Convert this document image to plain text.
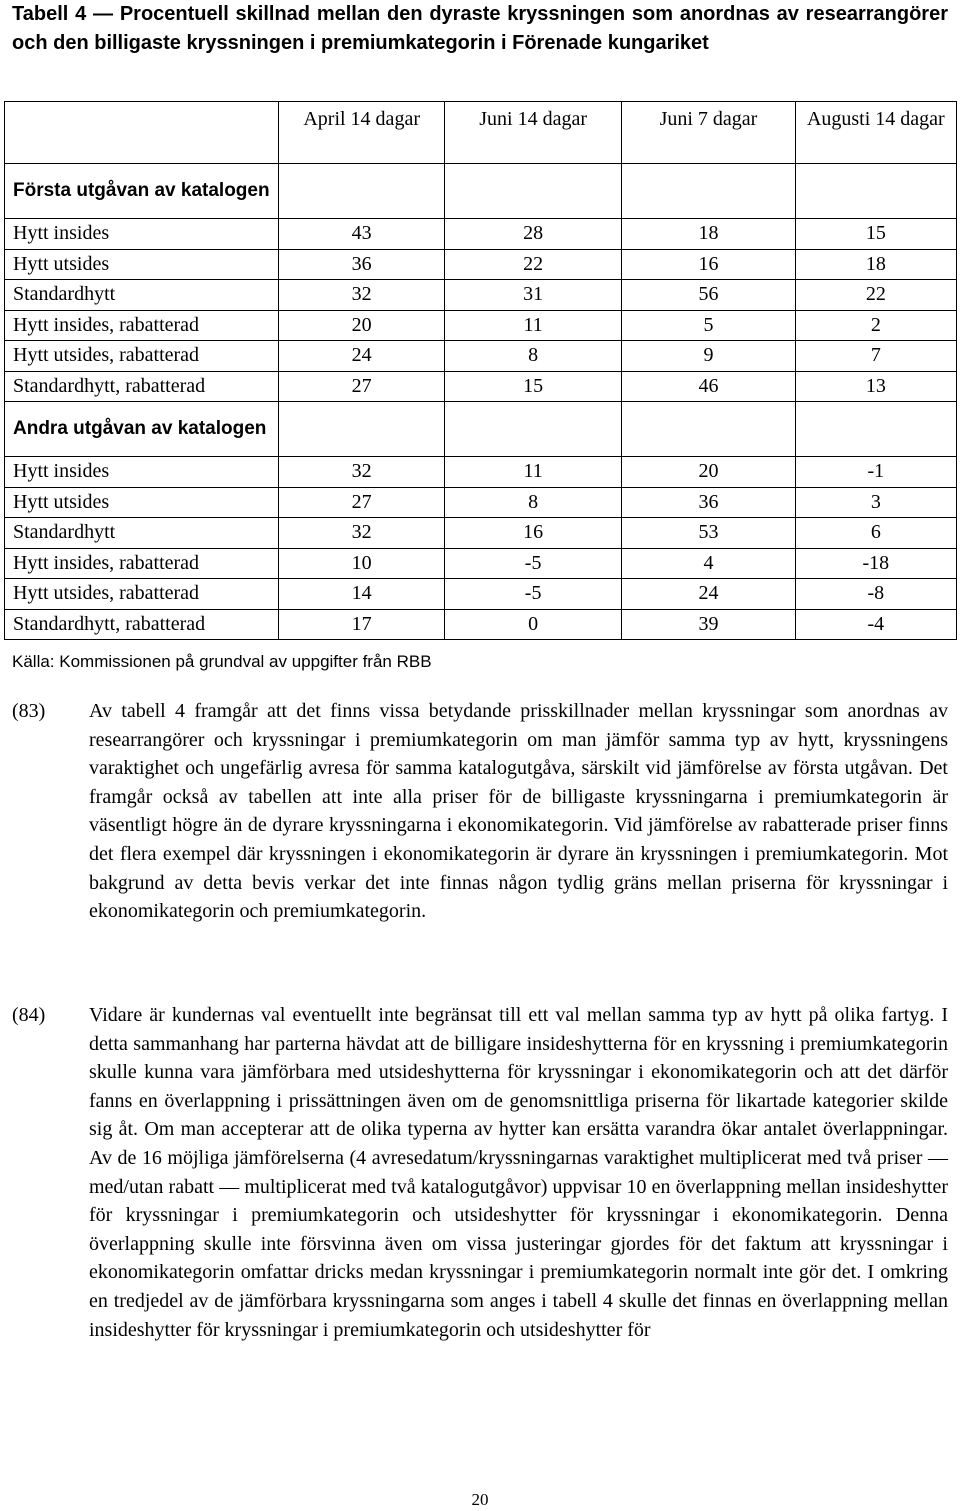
Tabell 4 — Procentuell skillnad mellan den dyraste kryssningen som anordnas av researrangörer och den billigaste kryssningen i premiumkategorin i Förenade kungariket
	April 14 dagar	Juni 14 dagar	Juni 7 dagar	Augusti 14 dagar
Första utgåvan av katalogen				
Hytt insides	43	28	18	15
Hytt utsides	36	22	16	18
Standardhytt	32	31	56	22
Hytt insides, rabatterad	20	11	5	2
Hytt utsides, rabatterad	24	8	9	7
Standardhytt, rabatterad	27	15	46	13
Andra utgåvan av katalogen				
Hytt insides	32	11	20	-1
Hytt utsides	27	8	36	3
Standardhytt	32	16	53	6
Hytt insides, rabatterad	10	-5	4	-18
Hytt utsides, rabatterad	14	-5	24	-8
Standardhytt, rabatterad	17	0	39	-4
Källa: Kommissionen på grundval av uppgifter från RBB
(83) Av tabell 4 framgår att det finns vissa betydande prisskillnader mellan kryssningar som anordnas av researrangörer och kryssningar i premiumkategorin om man jämför samma typ av hytt, kryssningens varaktighet och ungefärlig avresa för samma katalogutgåva, särskilt vid jämförelse av första utgåvan. Det framgår också av tabellen att inte alla priser för de billigaste kryssningarna i premiumkategorin är väsentligt högre än de dyrare kryssningarna i ekonomikategorin. Vid jämförelse av rabatterade priser finns det flera exempel där kryssningen i ekonomikategorin är dyrare än kryssningen i premiumkategorin. Mot bakgrund av detta bevis verkar det inte finnas någon tydlig gräns mellan priserna för kryssningar i ekonomikategorin och premiumkategorin.
(84) Vidare är kundernas val eventuellt inte begränsat till ett val mellan samma typ av hytt på olika fartyg. I detta sammanhang har parterna hävdat att de billigare insideshytterna för en kryssning i premiumkategorin skulle kunna vara jämförbara med utsideshytterna för kryssningar i ekonomikategorin och att det därför fanns en överlappning i prissättningen även om de genomsnittliga priserna för likartade kategorier skilde sig åt. Om man accepterar att de olika typerna av hytter kan ersätta varandra ökar antalet överlappningar. Av de 16 möjliga jämförelserna (4 avresedatum/kryssningarnas varaktighet multiplicerat med två priser — med/utan rabatt — multiplicerat med två katalogutgåvor) uppvisar 10 en överlappning mellan insideshytter för kryssningar i premiumkategorin och utsideshytter för kryssningar i ekonomikategorin. Denna överlappning skulle inte försvinna även om vissa justeringar gjordes för det faktum att kryssningar i ekonomikategorin omfattar dricks medan kryssningar i premiumkategorin normalt inte gör det. I omkring en tredjedel av de jämförbara kryssningarna som anges i tabell 4 skulle det finnas en överlappning mellan insideshytter för kryssningar i premiumkategorin och utsideshytter för
20
